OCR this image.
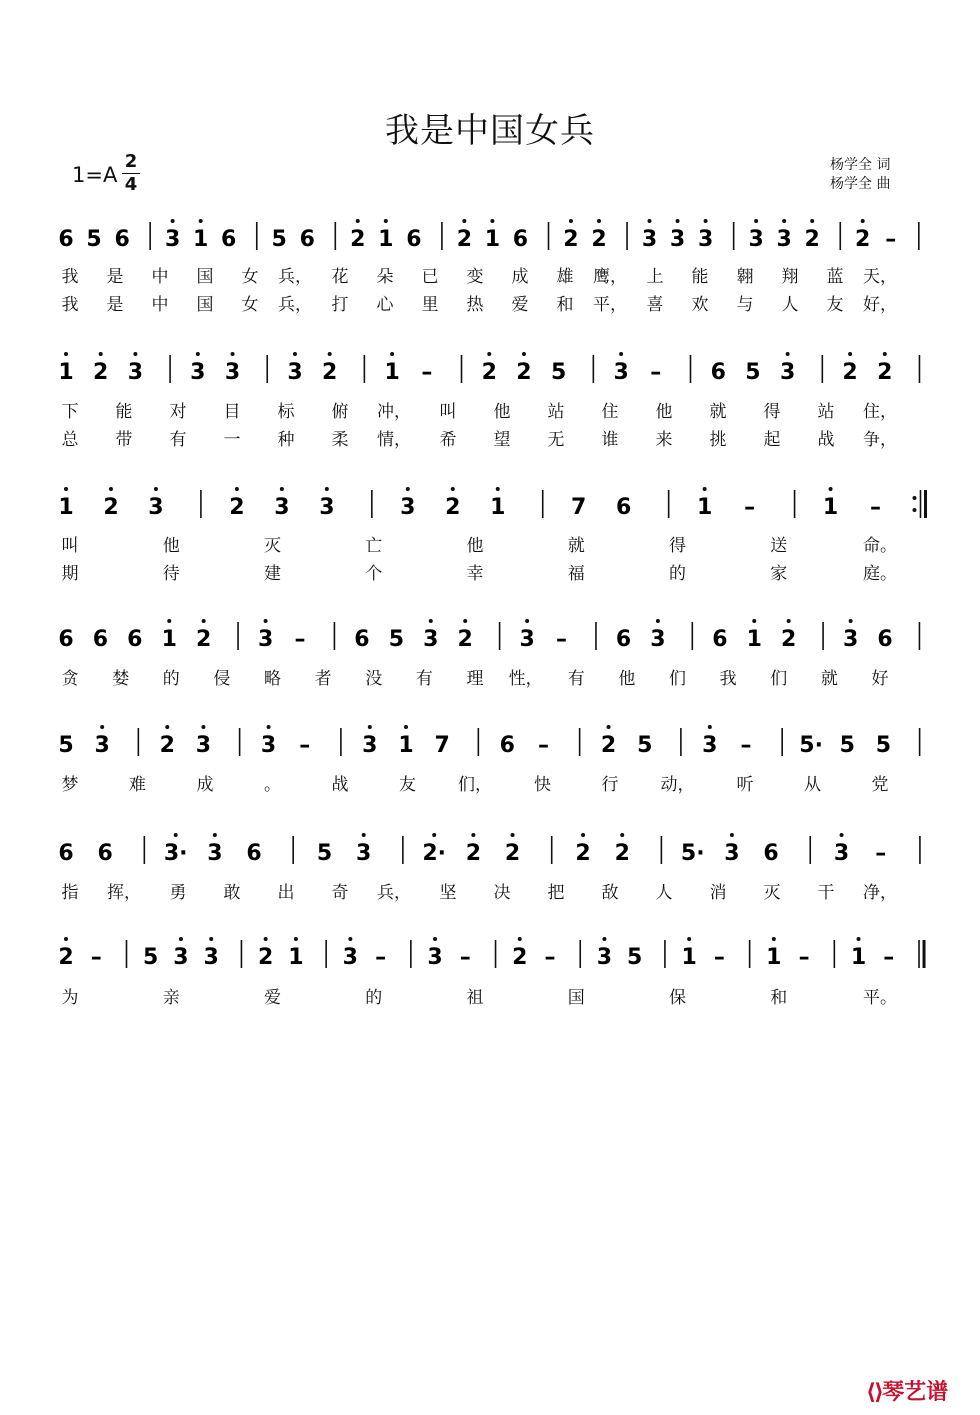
我是中国女兵
1=A
2
4
杨学全 词
杨学全 曲
6 5 6 3 1 6 5 6 2 1 6 2 1 6 2 2 3 3 3 3 3 2 2 –
我 是 中 国 女 兵， 花 朵 已 变 成 雄 鹰， 上 能 翱 翔 蓝 天，
我 是 中 国 女 兵， 打 心 里 热 爱 和 平， 喜 欢 与 人 友 好，
1 2 3 3 3 3 2 1 – 2 2 5 3 – 6 5 3 2 2
下 能 对 目 标 俯 冲， 叫 他 站 住 他 就 得 站 住，
总 带 有 一 种 柔 情， 希 望 无 谁 来 挑 起 战 争，
1 2 3	2 3 3	3 2 1	7 6	1 –	1 –
叫	他	灭	亡	他	就	得	送	命。
期	待	建	个	幸	福	的	家	庭。
6 6 6 1 2 3 – 6 5 3 2 3 – 6 3 6 1 2 3 6
贪 婪 的 侵 略 者 没 有 理 性， 有 他 们 我 们 就 好
5 3 2 3 3 – 3 1 7 6 – 2 5 3 – 5· 5 5
梦	难	成	。	战	友 们， 快	行 动， 听	从	党
6 6 3· 3 6	5 3 2· 2 2	2 2 5· 3 6	3 –
指 挥， 勇 敢 出 奇 兵， 坚 决 把 敌 人 消 灭 干 净，
2 – 5 3 3 2 1 3 – 3 – 2 – 3 5 1 – 1 – 1 –
为	亲	爱	的	祖	国	保	和	平。
⟨⟩琴艺谱
